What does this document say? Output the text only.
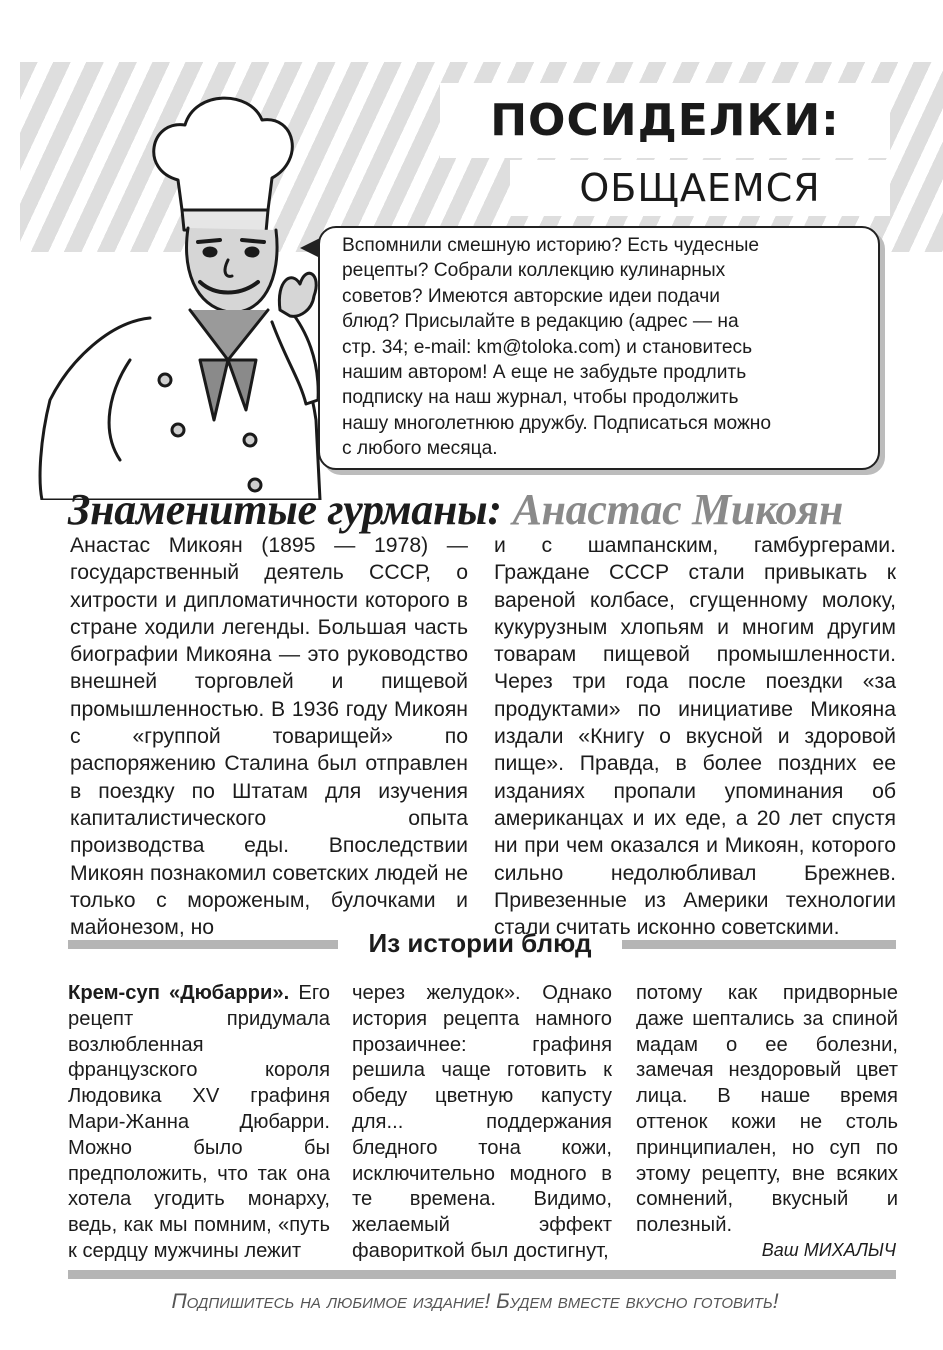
ПОСИДЕЛКИ:
ОБЩАЕМСЯ
Вспомнили смешную историю? Есть чудесные
рецепты? Собрали коллекцию кулинарных
советов? Имеются авторские идеи подачи
блюд? Присылайте в редакцию (адрес — на
стр. 34; e-mail: km@toloka.com) и становитесь
нашим автором! А еще не забудьте продлить
подписку на наш журнал, чтобы продолжить
нашу многолетнюю дружбу. Подписаться можно
с любого месяца.
Знаменитые гурманы: Анастас Микоян
Анастас Микоян (1895 — 1978) — государственный деятель СССР, о хитрости и дипломатичности которого в стране ходили легенды. Большая часть биографии Микояна — это руководство внешней торговлей и пищевой промышленностью. В 1936 году Микоян с «группой товарищей» по распоряжению Сталина был отправлен в поездку по Штатам для изучения капиталистического опыта производства еды. Впоследствии Микоян познакомил советских людей не только с мороженым, булочками и майонезом, но
и с шампанским, гамбургерами. Граждане СССР стали привыкать к вареной колбасе, сгущенному молоку, кукурузным хлопьям и многим другим товарам пищевой промышленности. Через три года после поездки «за продуктами» по инициативе Микояна издали «Книгу о вкусной и здоровой пище». Правда, в более поздних ее изданиях пропали упоминания об американцах и их еде, а 20 лет спустя ни при чем оказался и Микоян, которого сильно недолюбливал Брежнев. Привезенные из Америки технологии стали считать исконно советскими.
Из истории блюд
Крем-суп «Дюбарри». Его рецепт придумала возлюбленная французского короля Людовика XV графиня Мари-Жанна Дюбарри. Можно было бы предположить, что так она хотела угодить монарху, ведь, как мы помним, «путь к сердцу мужчины лежит
через желудок». Однако история рецепта намного прозаичнее: графиня решила чаще готовить к обеду цветную капусту для... поддержания бледного тона кожи, исключительно модного в те времена. Видимо, желаемый эффект фавориткой был достигнут,
потому как придворные даже шептались за спиной мадам о ее болезни, замечая нездоровый цвет лица. В наше время оттенок кожи не столь принципиален, но суп по этому рецепту, вне всяких сомнений, вкусный и полезный.
Ваш МИХАЛЫЧ
Подпишитесь на любимое издание! Будем вместе вкусно готовить!
